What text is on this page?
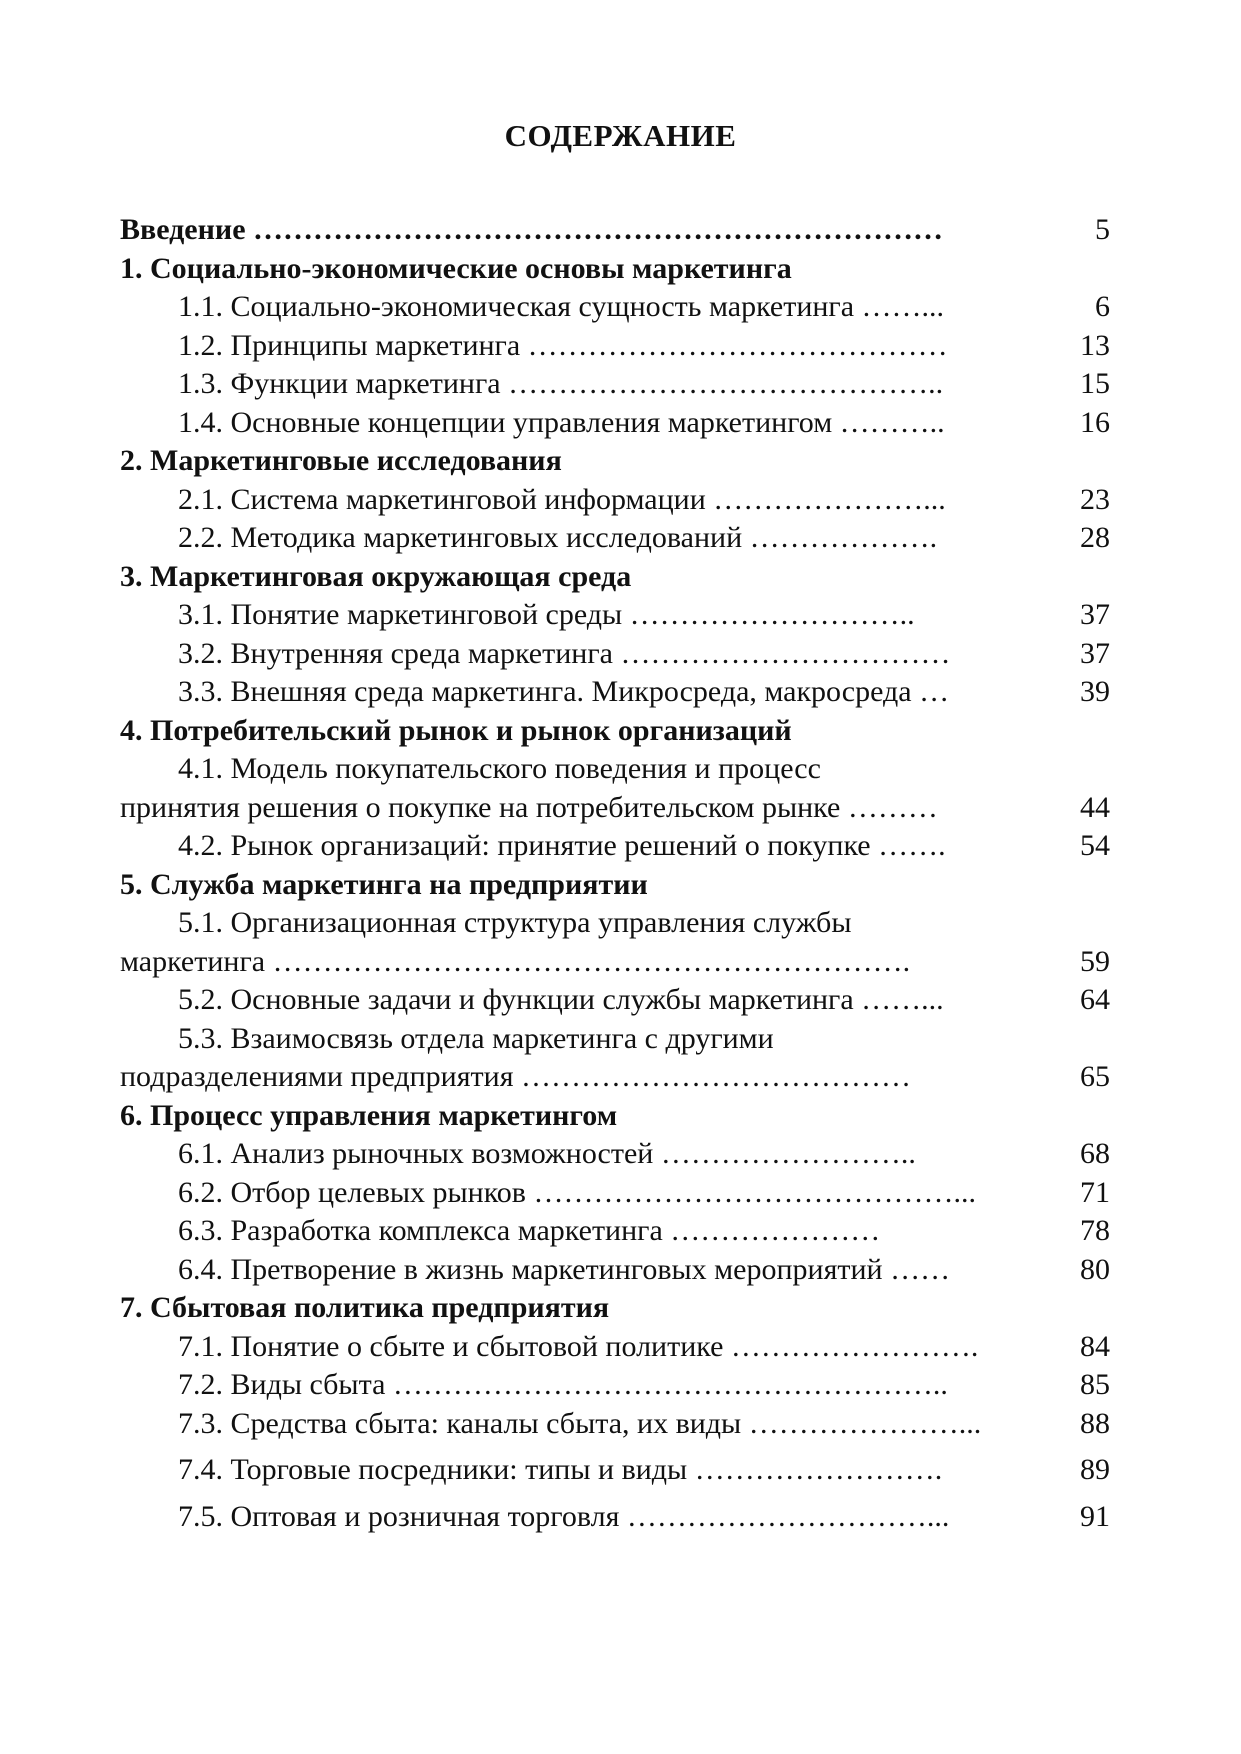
СОДЕРЖАНИЕ
Введение ……………………………………………………………	5
1. Социально-экономические основы маркетинга
1.1. Социально-экономическая сущность маркетинга ……...	6
1.2. Принципы маркетинга ……………………………………	13
1.3. Функции маркетинга ……………………………………..	15
1.4. Основные концепции управления маркетингом ………..	16
2. Маркетинговые исследования
2.1. Система маркетинговой информации …………………...	23
2.2. Методика маркетинговых исследований ……………….	28
3. Маркетинговая окружающая среда
3.1. Понятие маркетинговой среды ………………………..	37
3.2. Внутренняя среда маркетинга ……………………………	37
3.3. Внешняя среда маркетинга. Микросреда, макросреда …	39
4. Потребительский рынок и рынок организаций
4.1. Модель покупательского поведения и процесс
принятия решения о покупке на потребительском рынке ………	44
4.2. Рынок организаций: принятие решений о покупке …….	54
5. Служба маркетинга на предприятии
5.1. Организационная структура управления службы
маркетинга ……………………………………………………….	59
5.2. Основные задачи и функции службы маркетинга ……...	64
5.3. Взаимосвязь отдела маркетинга с другими
подразделениями предприятия …………………………………	65
6. Процесс управления маркетингом
6.1. Анализ рыночных возможностей ……………………..	68
6.2. Отбор целевых рынков ……………………………………...	71
6.3. Разработка комплекса маркетинга …………………	78
6.4. Претворение в жизнь маркетинговых мероприятий ……	80
7. Сбытовая политика предприятия
7.1. Понятие о сбыте и сбытовой политике …………………….	84
7.2. Виды сбыта ………………………………………………..	85
7.3. Средства сбыта: каналы сбыта, их виды …………………...	88
7.4. Торговые посредники: типы и виды …………………….	89
7.5. Оптовая и розничная торговля …………………………...	91
